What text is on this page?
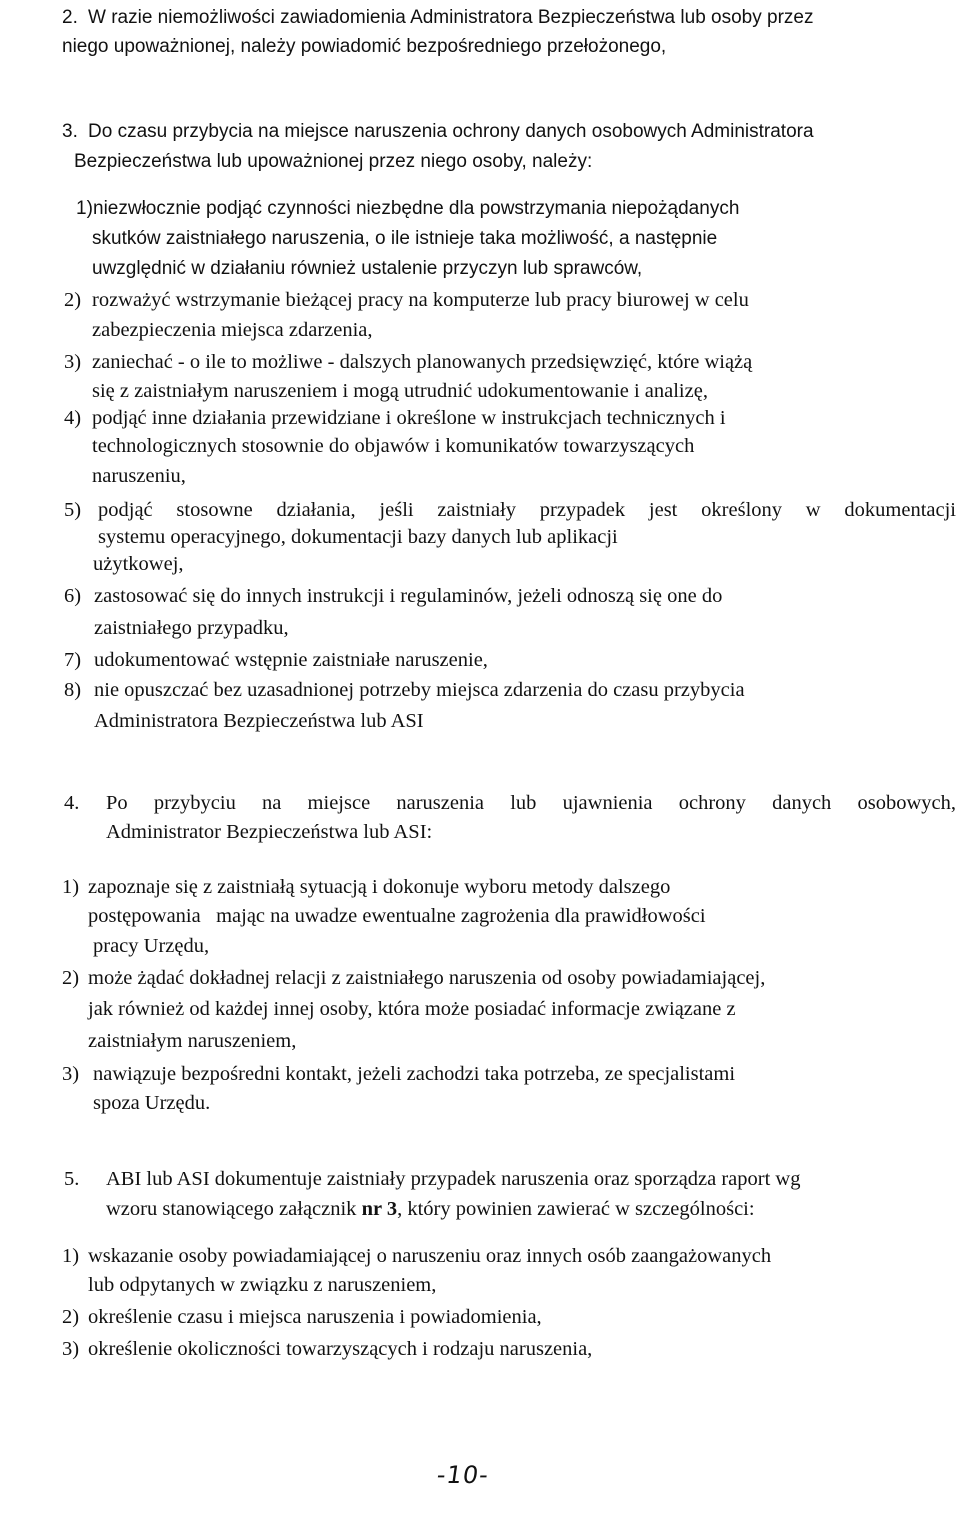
2. W razie niemożliwości zawiadomienia Administratora Bezpieczeństwa lub osoby przez
niego upoważnionej, należy powiadomić bezpośredniego przełożonego,
3. Do czasu przybycia na miejsce naruszenia ochrony danych osobowych Administratora
Bezpieczeństwa lub upoważnionej przez niego osoby, należy:
1) niezwłocznie podjąć czynności niezbędne dla powstrzymania niepożądanych
skutków zaistniałego naruszenia, o ile istnieje taka możliwość, a następnie
uwzględnić w działaniu również ustalenie przyczyn lub sprawców,
2) rozważyć wstrzymanie bieżącej pracy na komputerze lub pracy biurowej w celu
zabezpieczenia miejsca zdarzenia,
3) zaniechać - o ile to możliwe - dalszych planowanych przedsięwzięć, które wiążą
się z zaistniałym naruszeniem i mogą utrudnić udokumentowanie i analizę,
4) podjąć inne działania przewidziane i określone w instrukcjach technicznych i
technologicznych stosownie do objawów i komunikatów towarzyszących
naruszeniu,
5) podjąć stosowne działania, jeśli zaistniały przypadek jest określony w dokumentacji
systemu operacyjnego, dokumentacji bazy danych lub aplikacji
użytkowej,
6) zastosować się do innych instrukcji i regulaminów, jeżeli odnoszą się one do
zaistniałego przypadku,
7) udokumentować wstępnie zaistniałe naruszenie,
8) nie opuszczać bez uzasadnionej potrzeby miejsca zdarzenia do czasu przybycia
Administratora Bezpieczeństwa lub ASI
4. Po przybyciu na miejsce naruszenia lub ujawnienia ochrony danych osobowych,
Administrator Bezpieczeństwa lub ASI:
1) zapoznaje się z zaistniałą sytuacją i dokonuje wyboru metody dalszego
postępowania   mając na uwadze ewentualne zagrożenia dla prawidłowości
pracy Urzędu,
2) może żądać dokładnej relacji z zaistniałego naruszenia od osoby powiadamiającej,
jak również od każdej innej osoby, która może posiadać informacje związane z
zaistniałym naruszeniem,
3) nawiązuje bezpośredni kontakt, jeżeli zachodzi taka potrzeba, ze specjalistami
spoza Urzędu.
5. ABI lub ASI dokumentuje zaistniały przypadek naruszenia oraz sporządza raport wg
wzoru stanowiącego załącznik nr 3, który powinien zawierać w szczególności:
1) wskazanie osoby powiadamiającej o naruszeniu oraz innych osób zaangażowanych
lub odpytanych w związku z naruszeniem,
2) określenie czasu i miejsca naruszenia i powiadomienia,
3) określenie okoliczności towarzyszących i rodzaju naruszenia,
-10-
